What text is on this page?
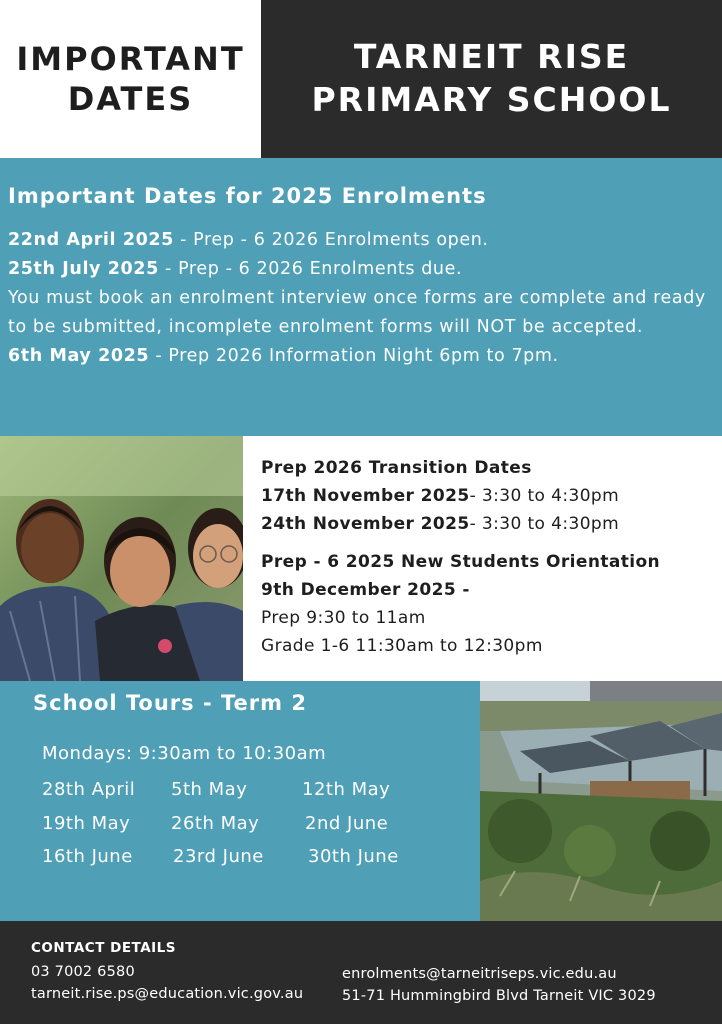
IMPORTANT
DATES
TARNEIT RISE
PRIMARY SCHOOL
Important Dates for 2025 Enrolments

22nd April 2025 - Prep - 6 2026 Enrolments open.

25th July 2025 - Prep - 6 2026 Enrolments due.

You must book an enrolment interview once forms are complete and ready to be submitted, incomplete enrolment forms will NOT be accepted.

6th May 2025 - Prep 2026 Information Night 6pm to 7pm.

Prep 2026 Transition Dates

17th November 2025- 3:30 to 4:30pm

24th November 2025- 3:30 to 4:30pm

Prep - 6 2025 New Students Orientation

9th December 2025 -

Prep 9:30 to 11am

Grade 1-6 11:30am to 12:30pm

School Tours - Term 2
Mondays: 9:30am to 10:30am
28th April 5th May	12th May
19th May 26th May	2nd June
16th June 23rd June 30th June
CONTACT DETAILS
03 7002 6580
tarneit.rise.ps@education.vic.gov.au
enrolments@tarneitriseps.vic.edu.au
51-71 Hummingbird Blvd Tarneit VIC 3029
